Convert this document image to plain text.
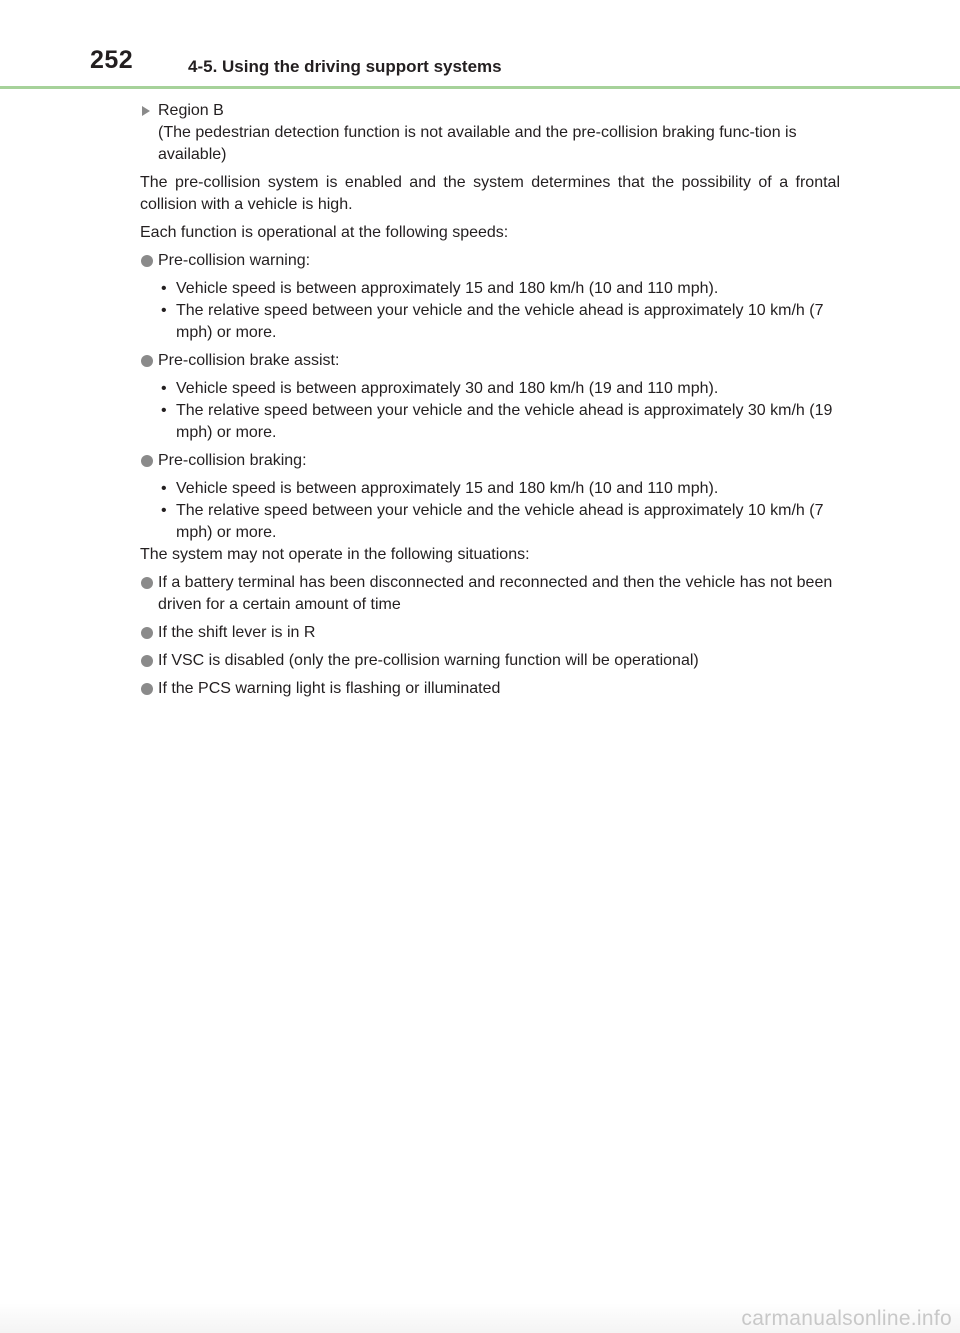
252	4-5. Using the driving support systems
Region B
(The pedestrian detection function is not available and the pre-collision braking func-tion is available)

The pre-collision system is enabled and the system determines that the possibility of a frontal collision with a vehicle is high.

Each function is operational at the following speeds:

Pre-collision warning:
• Vehicle speed is between approximately 15 and 180 km/h (10 and 110 mph).
• The relative speed between your vehicle and the vehicle ahead is approximately 10 km/h (7 mph) or more.
Pre-collision brake assist:
• Vehicle speed is between approximately 30 and 180 km/h (19 and 110 mph).
• The relative speed between your vehicle and the vehicle ahead is approximately 30 km/h (19 mph) or more.
Pre-collision braking:
• Vehicle speed is between approximately 15 and 180 km/h (10 and 110 mph).
• The relative speed between your vehicle and the vehicle ahead is approximately 10 km/h (7 mph) or more.

The system may not operate in the following situations:

If a battery terminal has been disconnected and reconnected and then the vehicle has not been driven for a certain amount of time
If the shift lever is in R
If VSC is disabled (only the pre-collision warning function will be operational)
If the PCS warning light is flashing or illuminated
carmanualsonline.info
